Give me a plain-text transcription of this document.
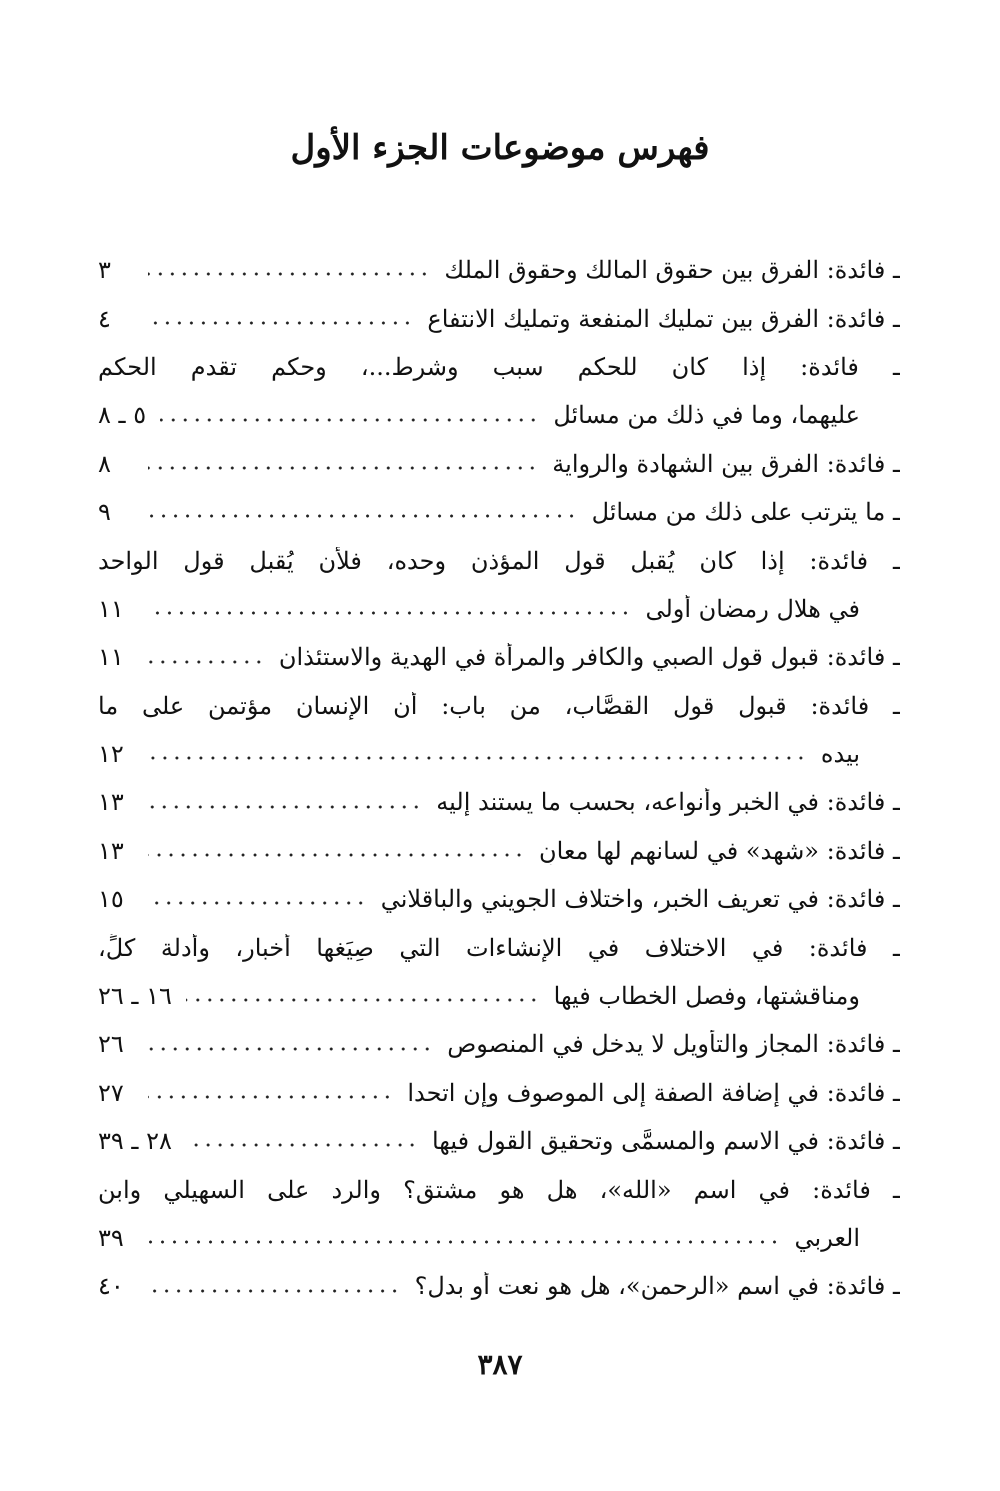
فهرس موضوعات الجزء الأول
ـ فائدة: الفرق بين حقوق المالك وحقوق الملك
٣
ـ فائدة: الفرق بين تمليك المنفعة وتمليك الانتفاع
٤
ـ فائدة: إذا كان للحكم سبب وشرط...، وحكم تقدم الحكم
عليهما، وما في ذلك من مسائل
٥ ـ ٨
ـ فائدة: الفرق بين الشهادة والرواية
٨
ـ ما يترتب على ذلك من مسائل
٩
ـ فائدة: إذا كان يُقبل قول المؤذن وحده، فلأن يُقبل قول الواحد
في هلال رمضان أولى
١١
ـ فائدة: قبول قول الصبي والكافر والمرأة في الهدية والاستئذان
١١
ـ فائدة: قبول قول القصَّاب، من باب: أن الإنسان مؤتمن على ما
بيده
١٢
ـ فائدة: في الخبر وأنواعه، بحسب ما يستند إليه
١٣
ـ فائدة: «شهد» في لسانهم لها معانٍ
١٣
ـ فائدة: في تعريف الخبر، واختلاف الجويني والباقلاني
١٥
ـ فائدة: في الاختلاف في الإنشاءات التي صِيَغها أخبار، وأدلة كلٍّ،
ومناقشتها، وفصل الخطاب فيها
١٦ ـ ٢٦
ـ فائدة: المجاز والتأويل لا يدخل في المنصوص
٢٦
ـ فائدة: في إضافة الصفة إلى الموصوف وإن اتحدا
٢٧
ـ فائدة: في الاسم والمسمَّى وتحقيق القول فيها
٢٨ ـ ٣٩
ـ فائدة: في اسم «الله»، هل هو مشتق؟ والرد على السهيلي وابن
العربي
٣٩
ـ فائدة: في اسم «الرحمن»، هل هو نعت أو بدل؟
٤٠
٣٨٧
